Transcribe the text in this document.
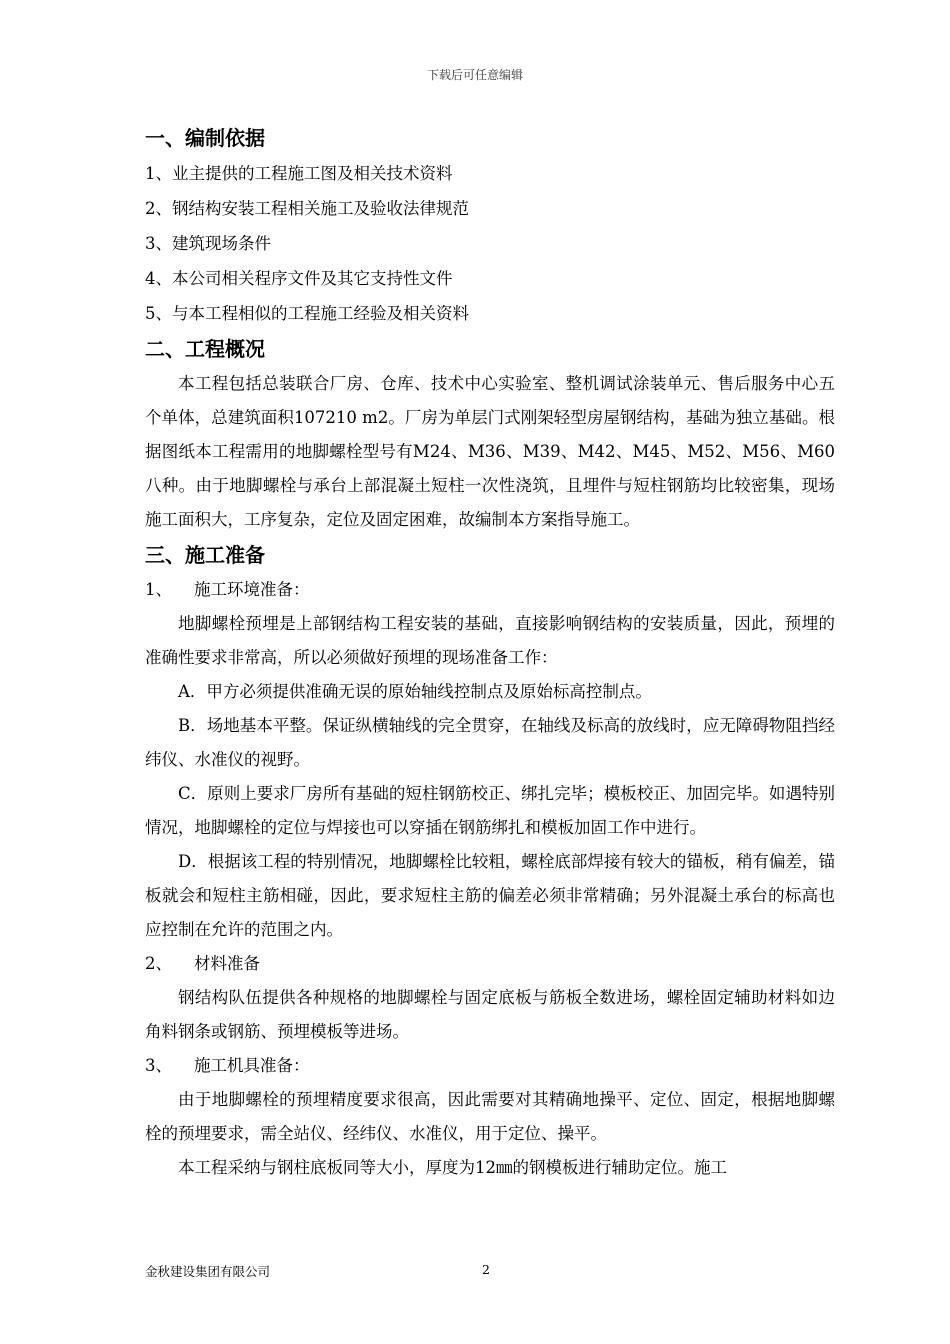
下载后可任意编辑
一、编制依据

1、业主提供的工程施工图及相关技术资料

2、钢结构安装工程相关施工及验收法律规范

3、建筑现场条件

4、本公司相关程序文件及其它支持性文件

5、与本工程相似的工程施工经验及相关资料

二、工程概况

本工程包括总装联合厂房、仓库、技术中心实验室、整机调试涂装单元、售后服务中心五个单体，总建筑面积107210 m2。厂房为单层门式刚架轻型房屋钢结构，基础为独立基础。根据图纸本工程需用的地脚螺栓型号有M24、M36、M39、M42、M45、M52、M56、M60八种。由于地脚螺栓与承台上部混凝土短柱一次性浇筑，且埋件与短柱钢筋均比较密集，现场施工面积大，工序复杂，定位及固定困难，故编制本方案指导施工。

三、施工准备

1、 施工环境准备：

地脚螺栓预埋是上部钢结构工程安装的基础，直接影响钢结构的安装质量，因此，预埋的准确性要求非常高，所以必须做好预埋的现场准备工作：

A．甲方必须提供准确无误的原始轴线控制点及原始标高控制点。

B．场地基本平整。保证纵横轴线的完全贯穿，在轴线及标高的放线时，应无障碍物阻挡经纬仪、水准仪的视野。

C．原则上要求厂房所有基础的短柱钢筋校正、绑扎完毕；模板校正、加固完毕。如遇特别情况，地脚螺栓的定位与焊接也可以穿插在钢筋绑扎和模板加固工作中进行。

D．根据该工程的特别情况，地脚螺栓比较粗，螺栓底部焊接有较大的锚板，稍有偏差，锚板就会和短柱主筋相碰，因此，要求短柱主筋的偏差必须非常精确；另外混凝土承台的标高也应控制在允许的范围之内。

2、 材料准备

钢结构队伍提供各种规格的地脚螺栓与固定底板与筋板全数进场，螺栓固定辅助材料如边角料钢条或钢筋、预埋模板等进场。

3、 施工机具准备：

由于地脚螺栓的预埋精度要求很高，因此需要对其精确地操平、定位、固定，根据地脚螺栓的预埋要求，需全站仪、经纬仪、水准仪，用于定位、操平。

本工程采纳与钢柱底板同等大小，厚度为12㎜的钢模板进行辅助定位。施工

金秋建设集团有限公司	2
